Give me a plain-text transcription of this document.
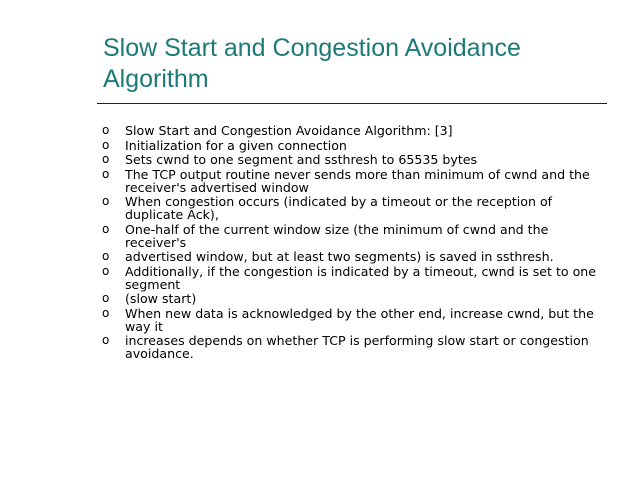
Slow Start and Congestion Avoidance Algorithm
o Slow Start and Congestion Avoidance Algorithm: [3]
o Initialization for a given connection
o Sets cwnd to one segment and ssthresh to 65535 bytes
o The TCP output routine never sends more than minimum of cwnd and the receiver's advertised window
o When congestion occurs (indicated by a timeout or the reception of duplicate Ack),
o One-half of the current window size (the minimum of cwnd and the receiver's
o advertised window, but at least two segments) is saved in ssthresh.
o Additionally, if the congestion is indicated by a timeout, cwnd is set to one segment
o (slow start)
o When new data is acknowledged by the other end, increase cwnd, but the way it
o increases depends on whether TCP is performing slow start or congestion avoidance.
